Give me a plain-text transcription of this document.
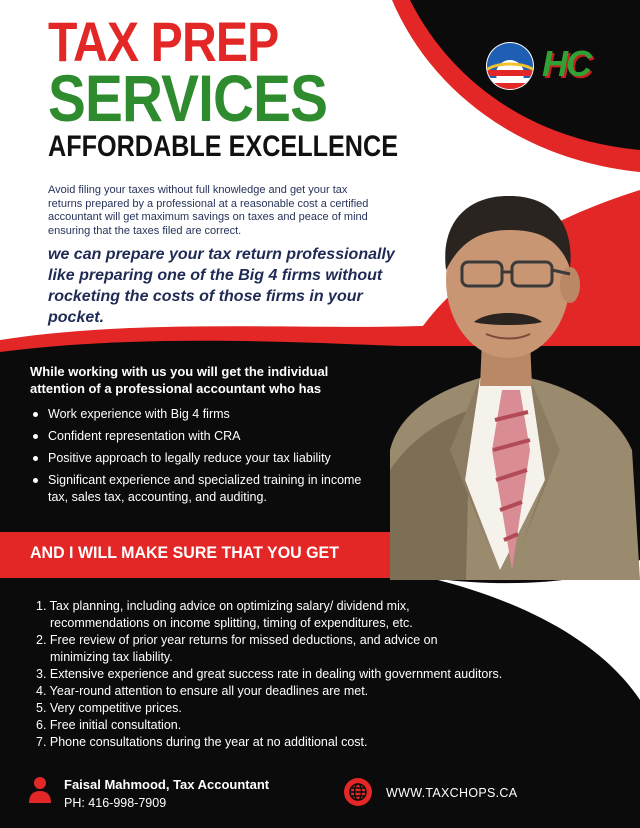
TAX PREP
SERVICES
AFFORDABLE EXCELLENCE
HC

Avoid filing your taxes without full knowledge and get your tax returns prepared by a professional at a reasonable cost a certified accountant will get maximum savings on taxes and peace of mind ensuring that the taxes filed are correct.

we can prepare your tax return professionally like preparing one of the Big 4 firms without rocketing the costs of those firms in your pocket.

While working with us you will get the individual attention of a professional accountant who has

Work experience with Big 4 firms
Confident representation with CRA
Positive approach to legally reduce your tax liability
Significant experience and specialized training in income tax, sales tax, accounting, and auditing.
AND I WILL MAKE SURE THAT YOU GET
1. Tax planning, including advice on optimizing salary/ dividend mix,
recommendations on income splitting, timing of expenditures, etc.
2. Free review of prior year returns for missed deductions, and advice on
minimizing tax liability.
3. Extensive experience and great success rate in dealing with government auditors.
4. Year-round attention to ensure all your deadlines are met.
5. Very competitive prices.
6. Free initial consultation.
7. Phone consultations during the year at no additional cost.
Faisal Mahmood, Tax Accountant
PH: 416-998-7909
WWW.TAXCHOPS.CA
